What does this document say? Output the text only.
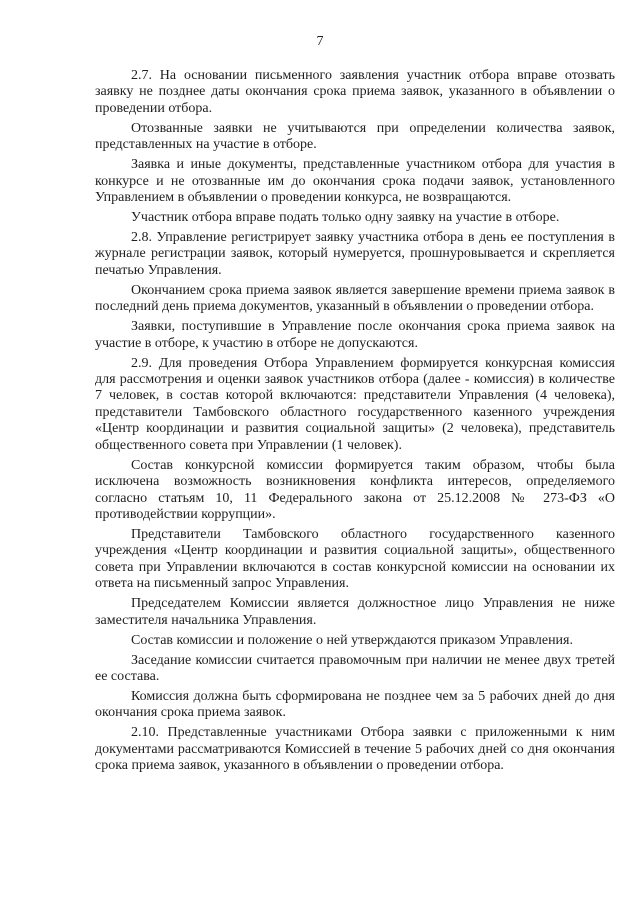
7

2.7. На основании письменного заявления участник отбора вправе отозвать заявку не позднее даты окончания срока приема заявок, указанного в объявлении о проведении отбора.

Отозванные заявки не учитываются при определении количества заявок, представленных на участие в отборе.

Заявка и иные документы, представленные участником отбора для участия в конкурсе и не отозванные им до окончания срока подачи заявок, установленного Управлением в объявлении о проведении конкурса, не возвращаются.

Участник отбора вправе подать только одну заявку на участие в отборе.

2.8. Управление регистрирует заявку участника отбора в день ее поступления в журнале регистрации заявок, который нумеруется, прошнуровывается и скрепляется печатью Управления.

Окончанием срока приема заявок является завершение времени приема заявок в последний день приема документов, указанный в объявлении о проведении отбора.

Заявки, поступившие в Управление после окончания срока приема заявок на участие в отборе, к участию в отборе не допускаются.

2.9. Для проведения Отбора Управлением формируется конкурсная комиссия для рассмотрения и оценки заявок участников отбора (далее - комиссия) в количестве 7 человек, в состав которой включаются: представители Управления (4 человека), представители Тамбовского областного государственного казенного учреждения «Центр координации и развития социальной защиты» (2 человека), представитель общественного совета при Управлении (1 человек).

Состав конкурсной комиссии формируется таким образом, чтобы была исключена возможность возникновения конфликта интересов, определяемого согласно статьям 10, 11 Федерального закона от 25.12.2008 № 273-ФЗ «О противодействии коррупции».

Представители Тамбовского областного государственного казенного учреждения «Центр координации и развития социальной защиты», общественного совета при Управлении включаются в состав конкурсной комиссии на основании их ответа на письменный запрос Управления.

Председателем Комиссии является должностное лицо Управления не ниже заместителя начальника Управления.

Состав комиссии и положение о ней утверждаются приказом Управления.

Заседание комиссии считается правомочным при наличии не менее двух третей ее состава.

Комиссия должна быть сформирована не позднее чем за 5 рабочих дней до дня окончания срока приема заявок.

2.10. Представленные участниками Отбора заявки с приложенными к ним документами рассматриваются Комиссией в течение 5 рабочих дней со дня окончания срока приема заявок, указанного в объявлении о проведении отбора.
